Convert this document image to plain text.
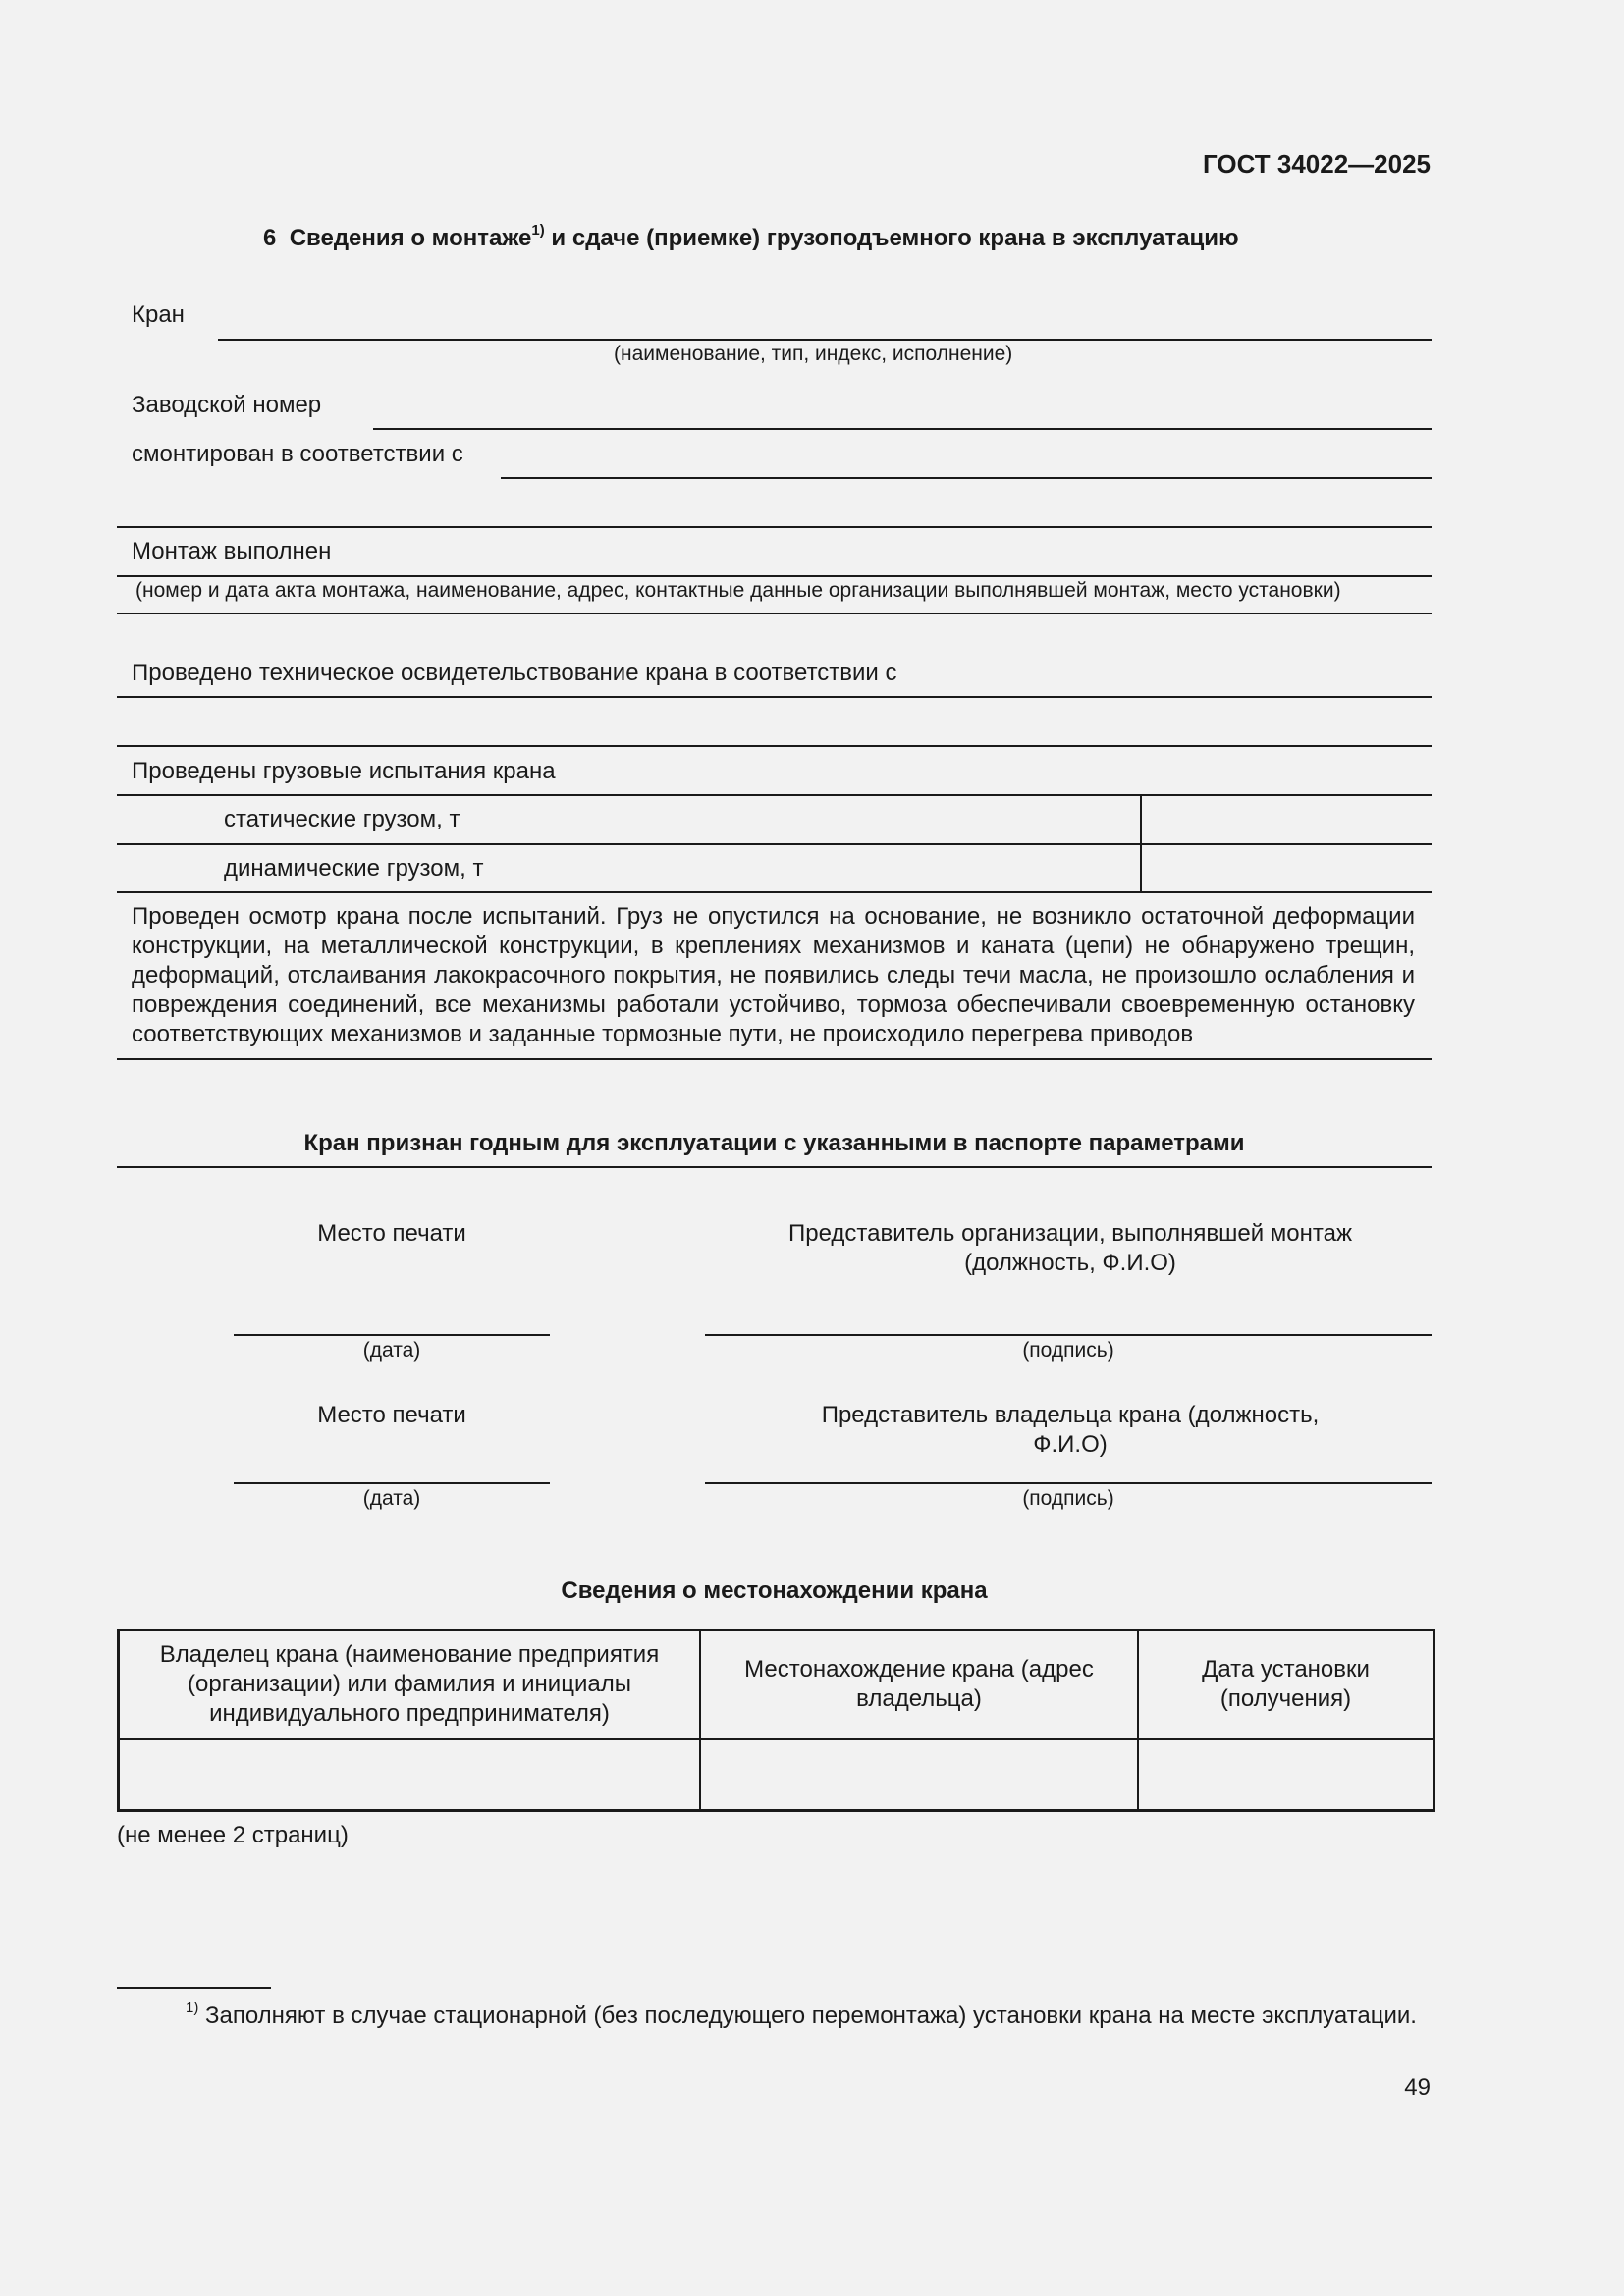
ГОСТ 34022—2025
6 Сведения о монтаже$^{1)}$ и сдаче (приемке) грузоподъемного крана в эксплуатацию
Кран
(наименование, тип, индекс, исполнение)
Заводской номер
смонтирован в соответствии с
Монтаж выполнен
(номер и дата акта монтажа, наименование, адрес, контактные данные организации выполнявшей монтаж, место установки)
Проведено техническое освидетельствование крана в соответствии с
Проведены грузовые испытания крана
статические грузом, т
динамические грузом, т
Проведен осмотр крана после испытаний. Груз не опустился на основание, не возникло остаточной деформации конструкции, на металлической конструкции, в креплениях механизмов и каната (цепи) не обнаружено трещин, деформаций, отслаивания лакокрасочного покрытия, не появились следы течи масла, не произошло ослабления и повреждения соединений, все механизмы работали устойчиво, тормоза обеспечивали своевременную остановку соответствующих механизмов и заданные тормозные пути, не происходило перегрева приводов
Кран признан годным для эксплуатации с указанными в паспорте параметрами
Место печати	Представитель организации, выполнявшей монтаж (должность, Ф.И.О)
(дата)	(подпись)
Место печати	Представитель владельца крана (должность, Ф.И.О)
(дата)	(подпись)
Сведения о местонахождении крана
Владелец крана (наименование предприятия (организации) или фамилия и инициалы индивидуального предпринимателя)	Местонахождение крана (адрес владельца)	Дата установки (получения)

(не менее 2 страниц)
$^{1)}$ Заполняют в случае стационарной (без последующего перемонтажа) установки крана на месте эксплуатации.
49
